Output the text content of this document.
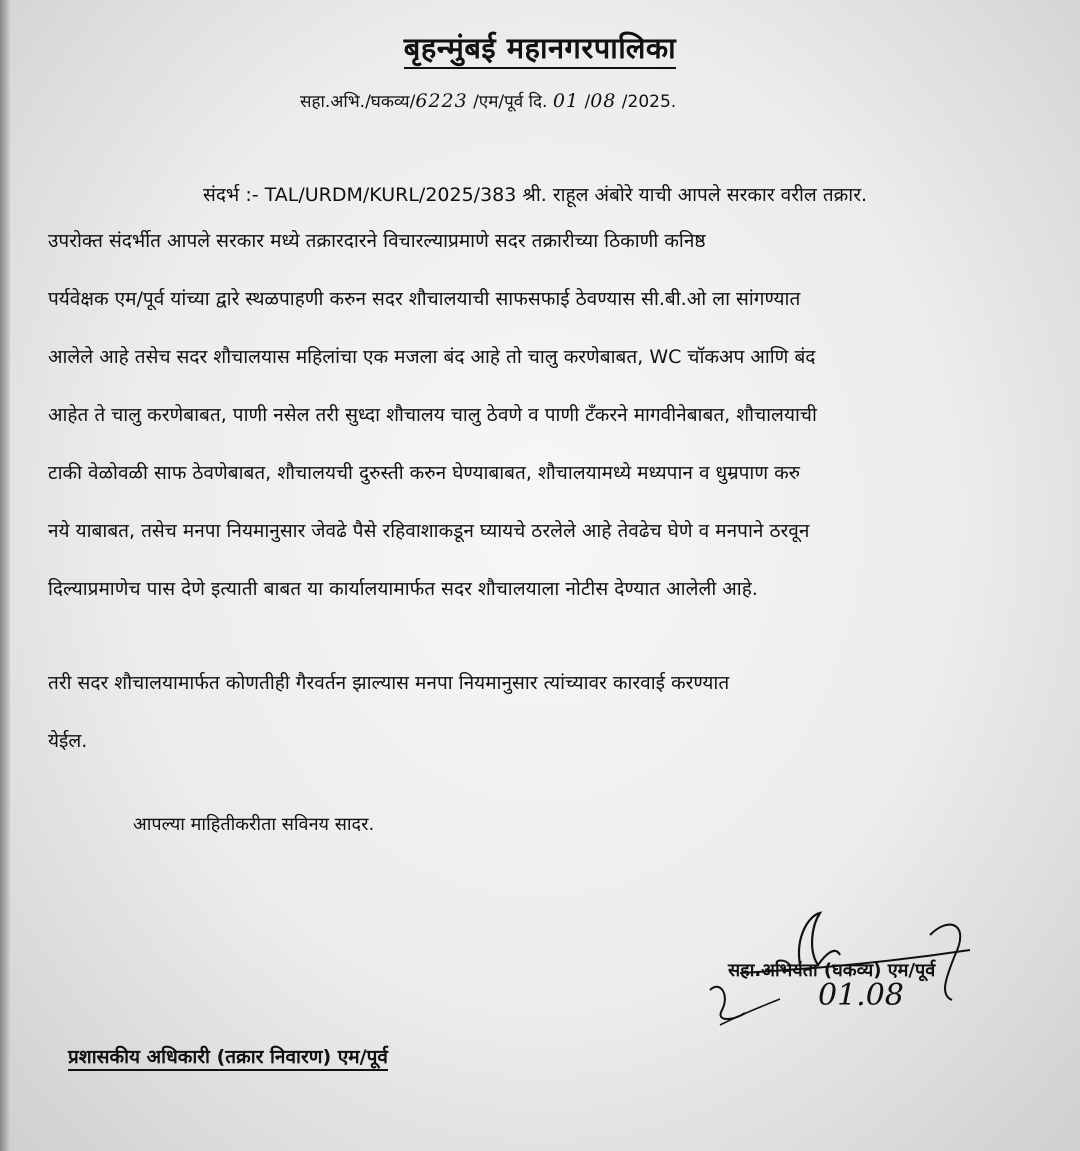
बृहन्मुंबई महानगरपालिका
सहा.अभि./घकव्य/6223 /एम/पूर्व दि. 01 /08 /2025.
संदर्भ :- TAL/URDM/KURL/2025/383 श्री. राहूल अंबोरे याची आपले सरकार वरील तक्रार.
उपरोक्त संदर्भीत आपले सरकार मध्ये तक्रारदारने विचारल्याप्रमाणे सदर तक्रारीच्या ठिकाणी कनिष्ठ
पर्यवेक्षक एम/पूर्व यांच्या द्वारे स्थळपाहणी करुन सदर शौचालयाची साफसफाई ठेवण्यास सी.बी.ओ ला सांगण्यात
आलेले आहे तसेच सदर शौचालयास महिलांचा एक मजला बंद आहे तो चालु करणेबाबत, WC चॉकअप आणि बंद
आहेत ते चालु करणेबाबत, पाणी नसेल तरी सुध्दा शौचालय चालु ठेवणे व पाणी टॅंकरने मागवीनेबाबत, शौचालयाची
टाकी वेळोवळी साफ ठेवणेबाबत, शौचालयची दुरुस्ती करुन घेण्याबाबत, शौचालयामध्ये मध्यपान व धुम्रपाण करु
नये याबाबत, तसेच मनपा नियमानुसार जेवढे पैसे रहिवाशाकडून घ्यायचे ठरलेले आहे तेवढेच घेणे व मनपाने ठरवून
दिल्याप्रमाणेच पास देणे इत्याती बाबत या कार्यालयामार्फत सदर शौचालयाला नोटीस देण्यात आलेली आहे.
तरी सदर शौचालयामार्फत कोणतीही गैरवर्तन झाल्यास मनपा नियमानुसार त्यांच्यावर कारवाई करण्यात
येईल.
आपल्या माहितीकरीता सविनय सादर.
01.08
सहा.अभियंता (घकव्य) एम/पूर्व
प्रशासकीय अधिकारी (तक्रार निवारण) एम/पूर्व
